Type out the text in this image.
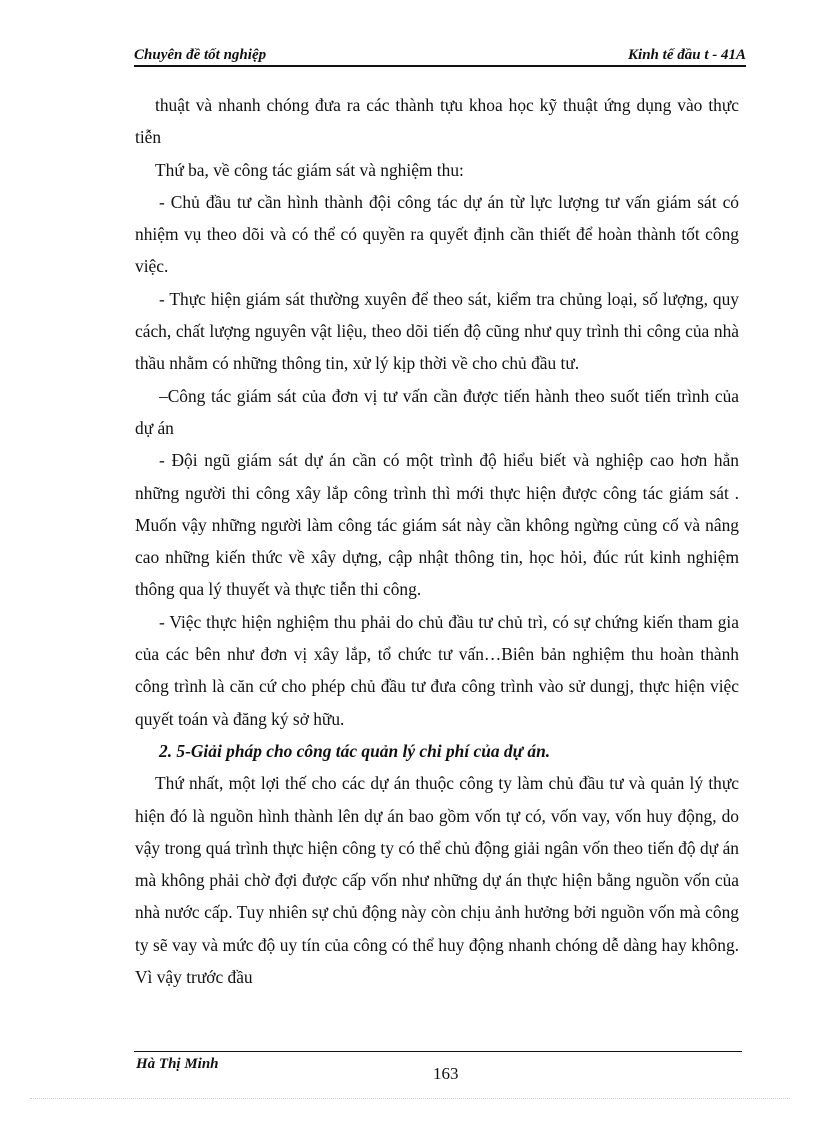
Chuyên đề tốt nghiệp	Kinh tế đầu t - 41A

thuật và nhanh chóng đưa ra các thành tựu khoa học kỹ thuật ứng dụng vào thực tiễn

Thứ ba, về công tác giám sát và nghiệm thu:

- Chủ đầu tư cần hình thành đội công tác dự án từ lực lượng tư vấn giám sát có nhiệm vụ theo dõi và có thể có quyền ra quyết định cần thiết để hoàn thành tốt công việc.

- Thực hiện giám sát thường xuyên để theo sát, kiểm tra chủng loại, số lượng, quy cách, chất lượng nguyên vật liệu, theo dõi tiến độ cũng như quy trình thi công của nhà thầu nhằm có những thông tin, xử lý kịp thời về cho chủ đầu tư.

–Công tác giám sát của đơn vị tư vấn cần được tiến hành theo suốt tiến trình của dự án

- Đội ngũ giám sát dự án cần có một trình độ hiểu biết và nghiệp cao hơn hẳn những người thi công xây lắp công trình thì mới thực hiện được công tác giám sát . Muốn vậy những người làm công tác giám sát này cần không ngừng củng cố và nâng cao những kiến thức về xây dựng, cập nhật thông tin, học hỏi, đúc rút kinh nghiệm thông qua lý thuyết và thực tiễn thi công.

- Việc thực hiện nghiệm thu phải do chủ đầu tư chủ trì, có sự chứng kiến tham gia của các bên như đơn vị xây lắp, tổ chức tư vấn…Biên bản nghiệm thu hoàn thành công trình là căn cứ cho phép chủ đầu tư đưa công trình vào sử dungj, thực hiện việc quyết toán và đăng ký sở hữu.

2. 5-Giải pháp cho công tác quản lý chi phí của dự án.

Thứ nhất, một lợi thế cho các dự án thuộc công ty làm chủ đầu tư và quản lý thực hiện đó là nguồn hình thành lên dự án bao gồm vốn tự có, vốn vay, vốn huy động, do vậy trong quá trình thực hiện công ty có thể chủ động giải ngân vốn theo tiến độ dự án mà không phải chờ đợi được cấp vốn như những dự án thực hiện bằng nguồn vốn của nhà nước cấp. Tuy nhiên sự chủ động này còn chịu ảnh hưởng bởi nguồn vốn mà công ty sẽ vay và mức độ uy tín của công có thể huy động nhanh chóng dễ dàng hay không. Vì vậy trước đầu

Hà Thị Minh	163
